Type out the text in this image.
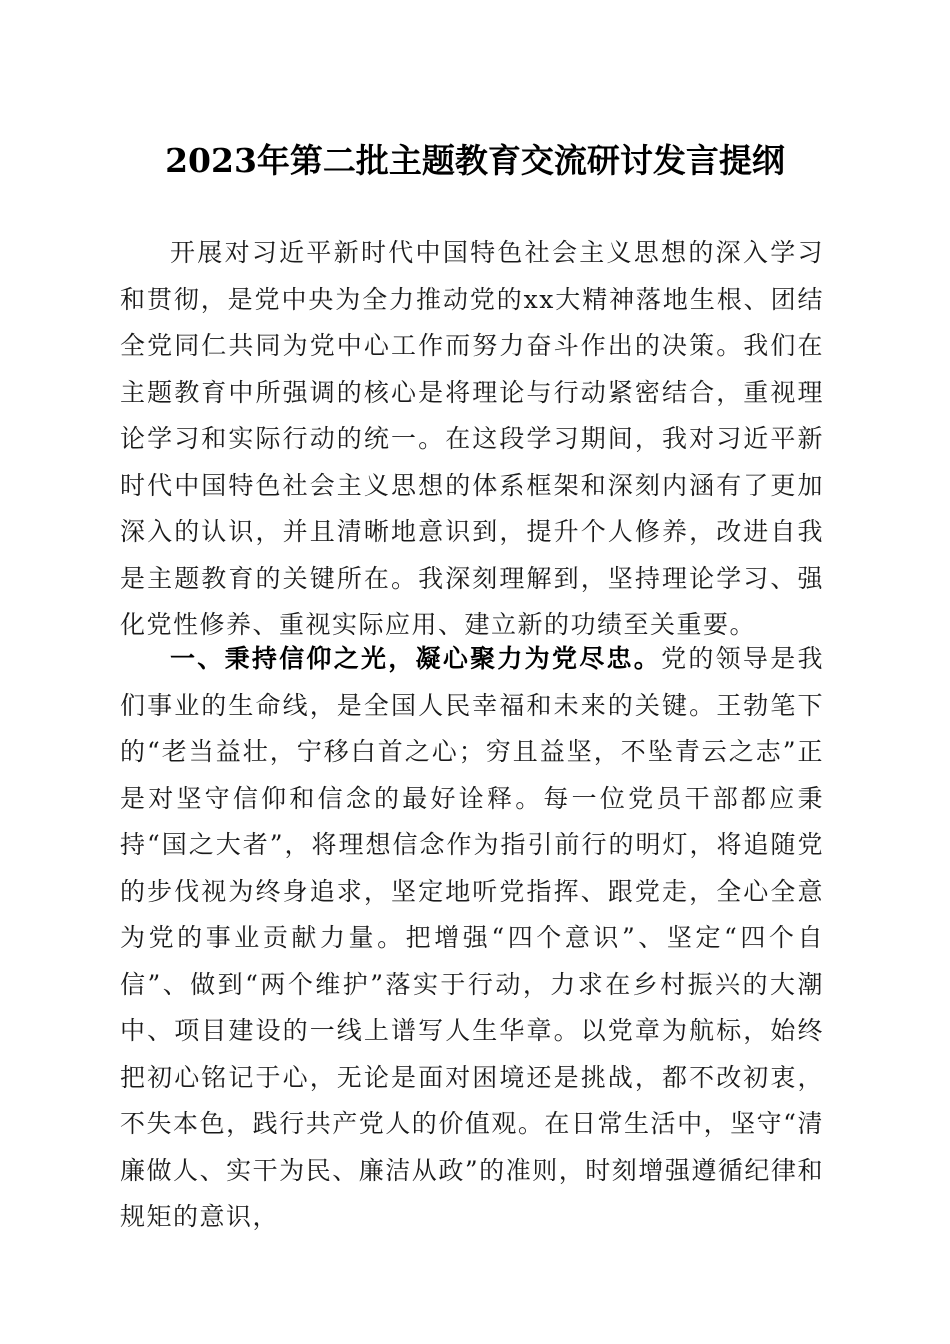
2023年第二批主题教育交流研讨发言提纲

开展对习近平新时代中国特色社会主义思想的深入学习和贯彻，是党中央为全力推动党的xx大精神落地生根、团结全党同仁共同为党中心工作而努力奋斗作出的决策。我们在主题教育中所强调的核心是将理论与行动紧密结合，重视理论学习和实际行动的统一。在这段学习期间，我对习近平新时代中国特色社会主义思想的体系框架和深刻内涵有了更加深入的认识，并且清晰地意识到，提升个人修养，改进自我是主题教育的关键所在。我深刻理解到，坚持理论学习、强化党性修养、重视实际应用、建立新的功绩至关重要。

一、秉持信仰之光，凝心聚力为党尽忠。党的领导是我们事业的生命线，是全国人民幸福和未来的关键。王勃笔下的“老当益壮，宁移白首之心；穷且益坚，不坠青云之志”正是对坚守信仰和信念的最好诠释。每一位党员干部都应秉持“国之大者”，将理想信念作为指引前行的明灯，将追随党的步伐视为终身追求，坚定地听党指挥、跟党走，全心全意为党的事业贡献力量。把增强“四个意识”、坚定“四个自信”、做到“两个维护”落实于行动，力求在乡村振兴的大潮中、项目建设的一线上谱写人生华章。以党章为航标，始终把初心铭记于心，无论是面对困境还是挑战，都不改初衷，不失本色，践行共产党人的价值观。在日常生活中，坚守“清廉做人、实干为民、廉洁从政”的准则，时刻增强遵循纪律和规矩的意识，
